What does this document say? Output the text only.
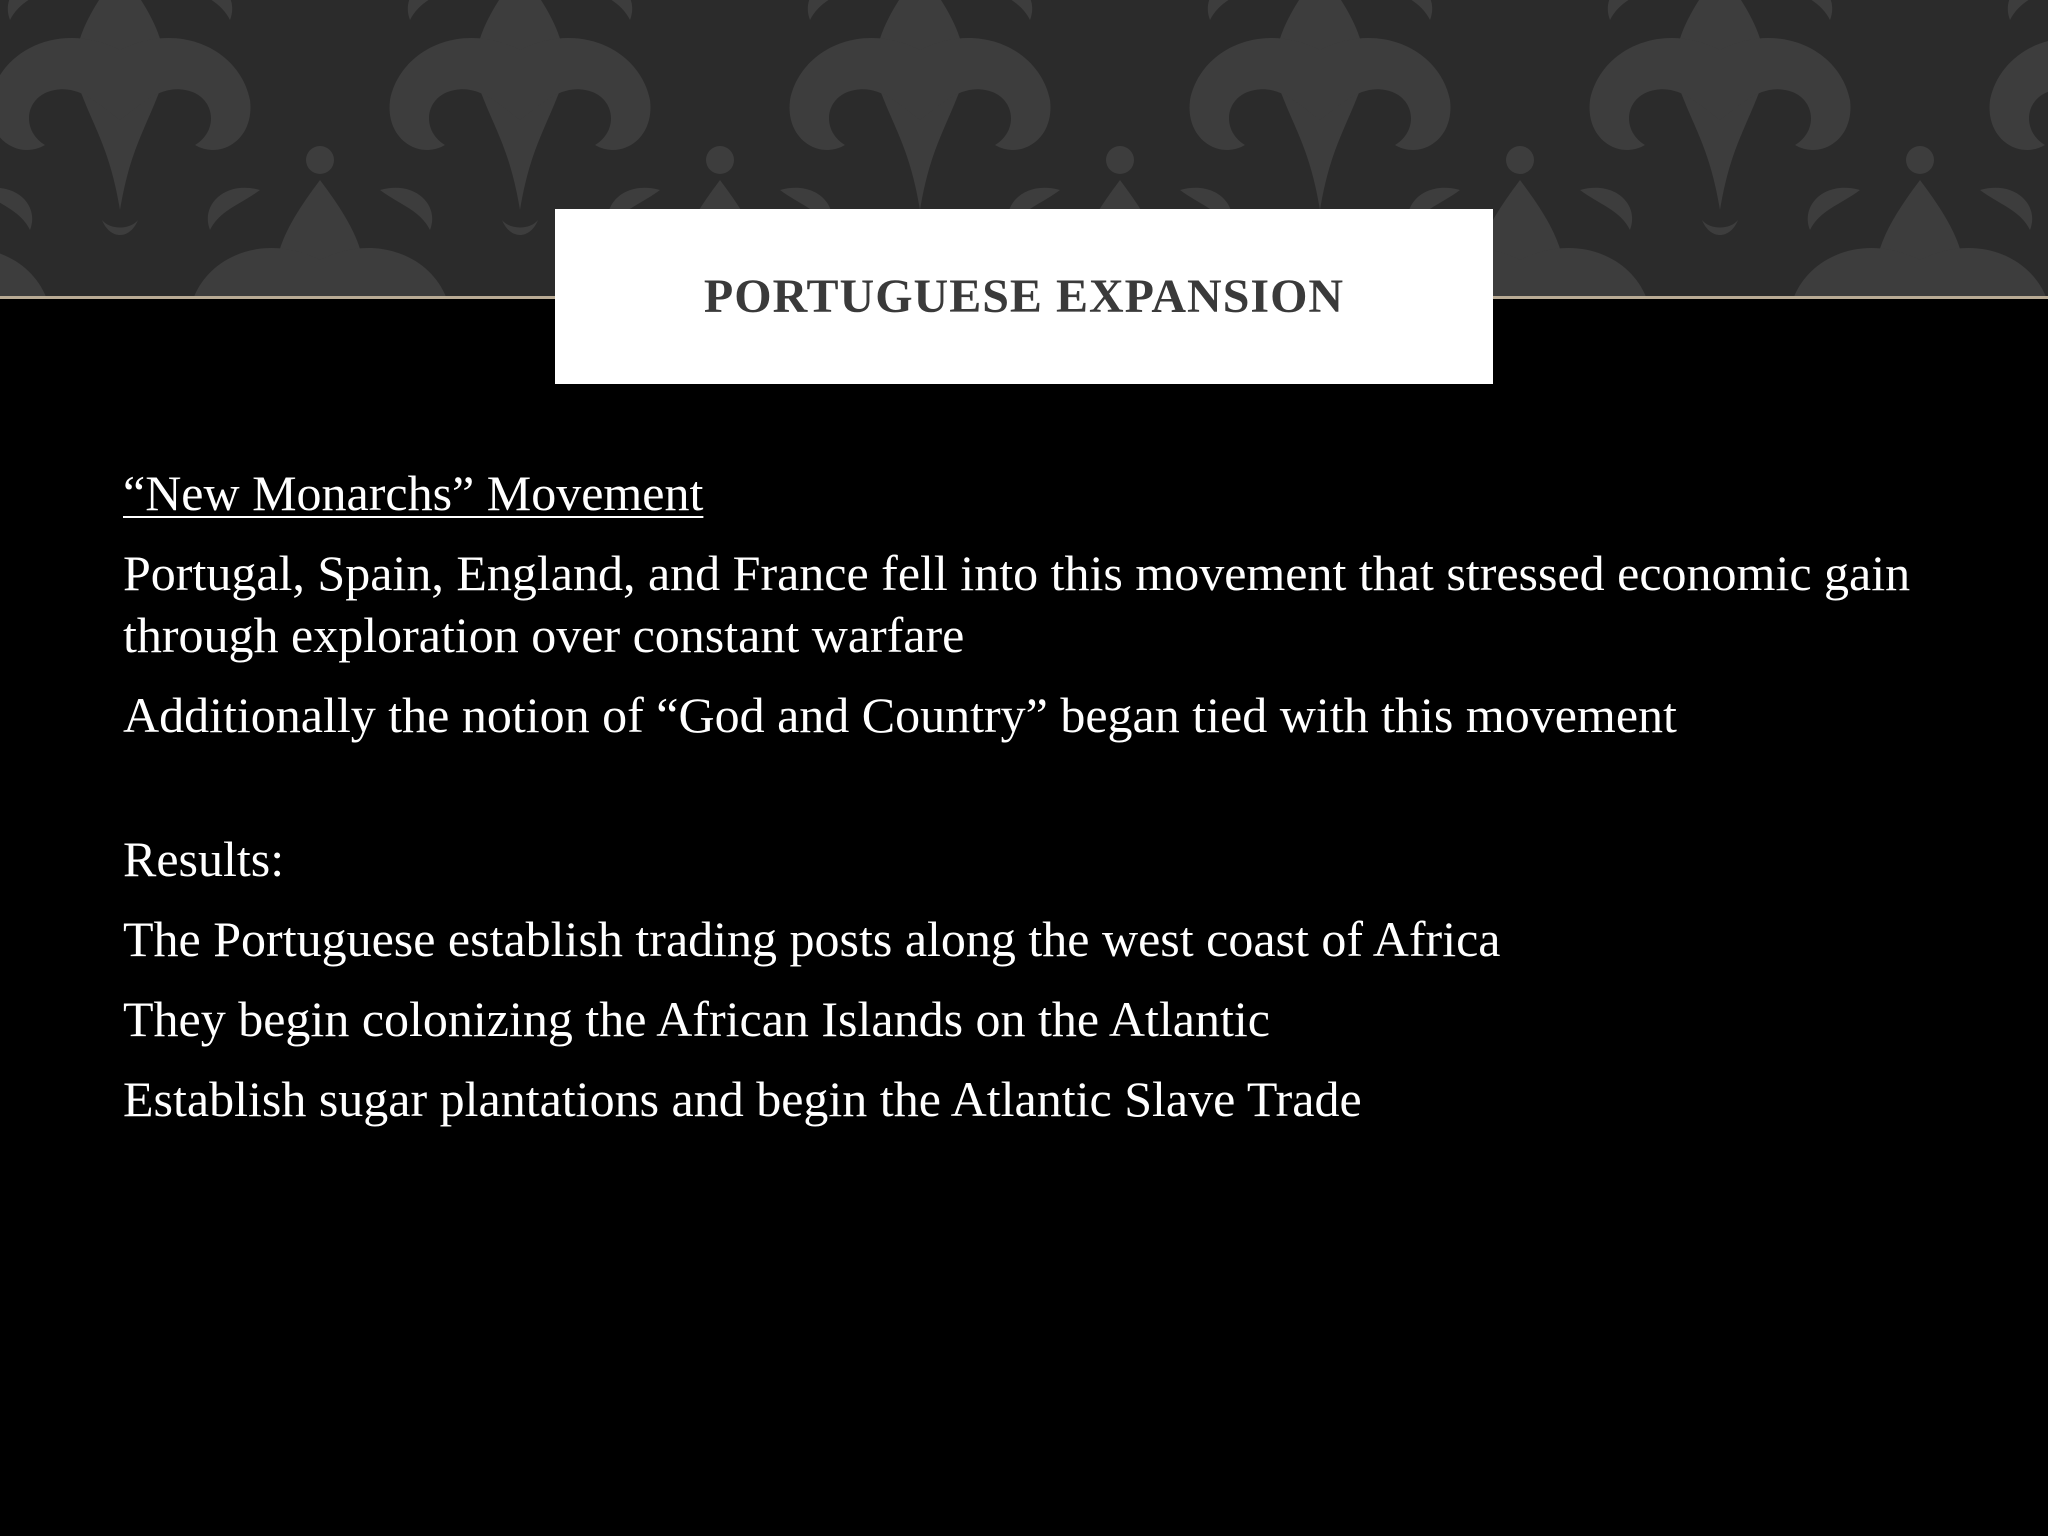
PORTUGUESE EXPANSION

“New Monarchs” Movement

Portugal, Spain, England, and France fell into this movement that stressed economic gain through exploration over constant warfare

Additionally the notion of “God and Country” began tied with this movement

Results:

The Portuguese establish trading posts along the west coast of Africa

They begin colonizing the African Islands on the Atlantic

Establish sugar plantations and begin the Atlantic Slave Trade
